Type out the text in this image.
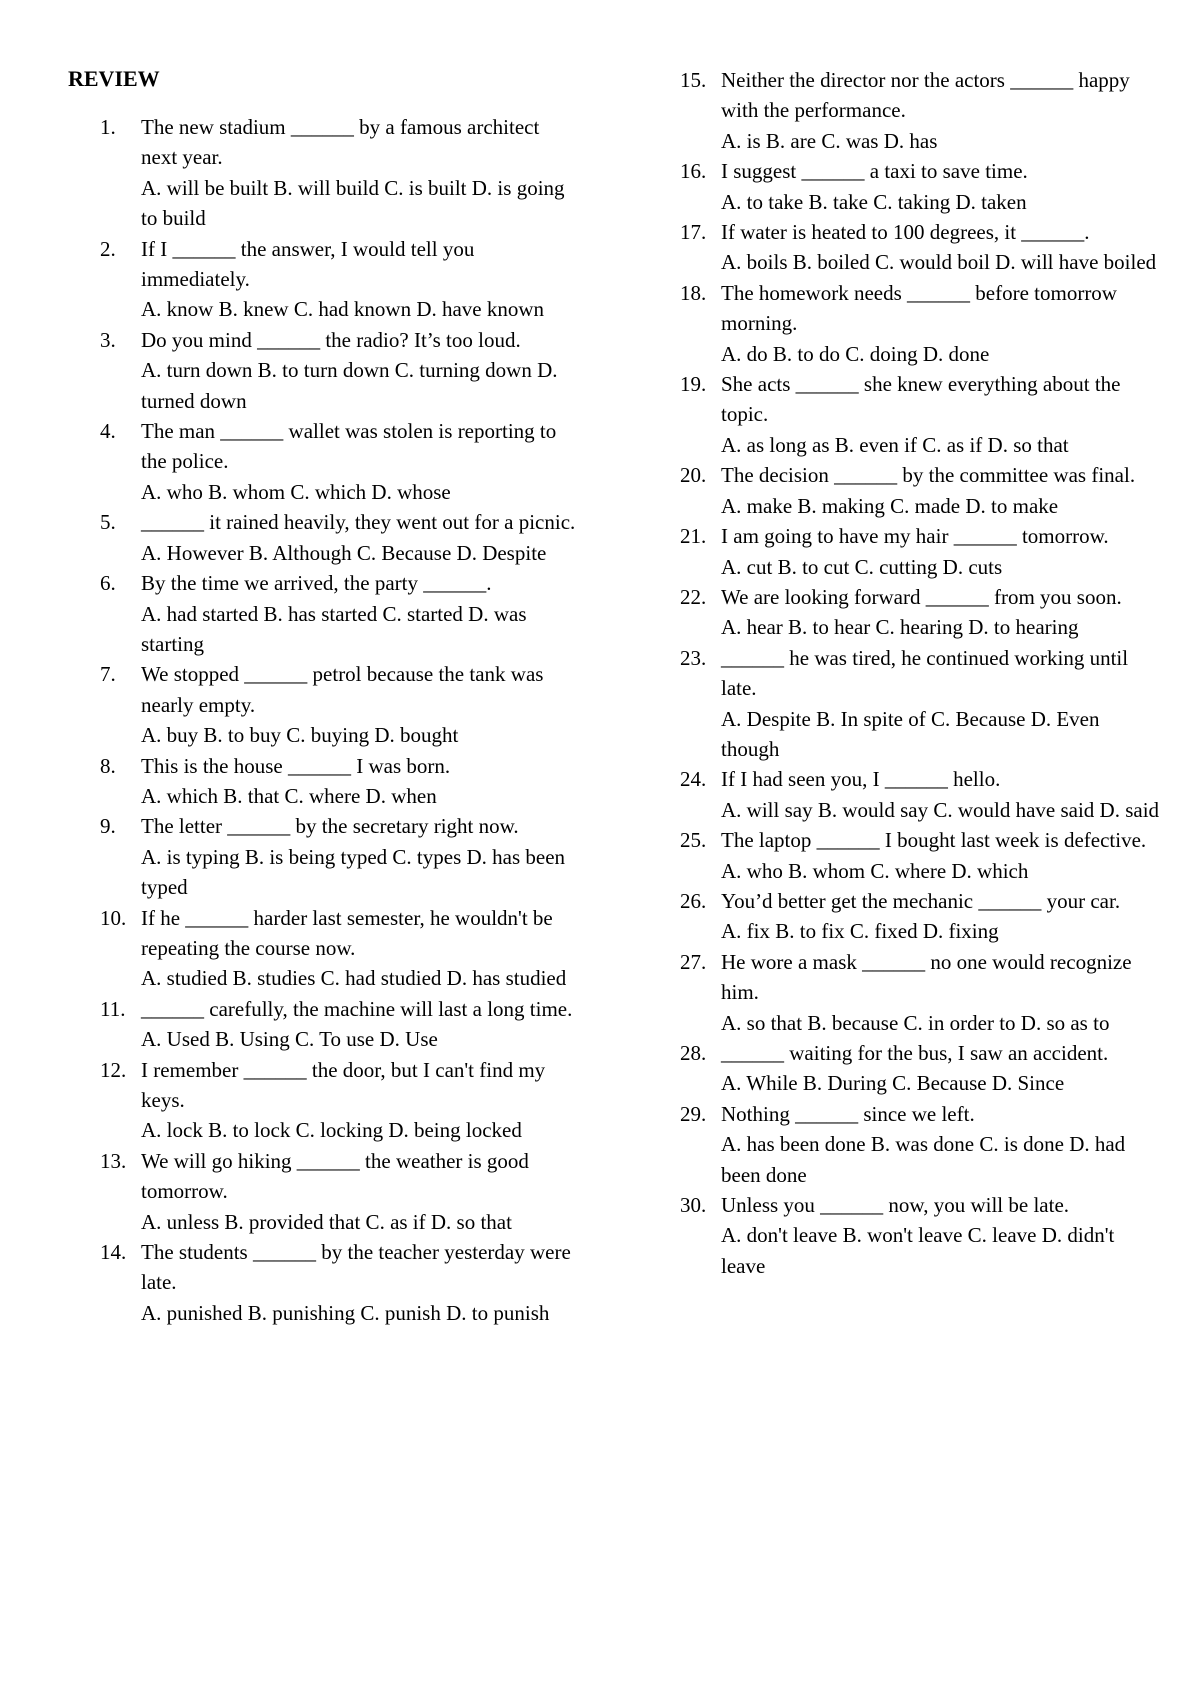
REVIEW
1. The new stadium ______ by a famous architect next year.
A. will be built B. will build C. is built D. is going to build
2. If I ______ the answer, I would tell you immediately.
A. know B. knew C. had known D. have known
3. Do you mind ______ the radio? It’s too loud.
A. turn down B. to turn down C. turning down D. turned down
4. The man ______ wallet was stolen is reporting to the police.
A. who B. whom C. which D. whose
5. ______ it rained heavily, they went out for a picnic.
A. However B. Although C. Because D. Despite
6. By the time we arrived, the party ______.
A. had started B. has started C. started D. was starting
7. We stopped ______ petrol because the tank was nearly empty.
A. buy B. to buy C. buying D. bought
8. This is the house ______ I was born.
A. which B. that C. where D. when
9. The letter ______ by the secretary right now.
A. is typing B. is being typed C. types D. has been typed
10. If he ______ harder last semester, he wouldn't be repeating the course now.
A. studied B. studies C. had studied D. has studied
11. ______ carefully, the machine will last a long time.
A. Used B. Using C. To use D. Use
12. I remember ______ the door, but I can't find my keys.
A. lock B. to lock C. locking D. being locked
13. We will go hiking ______ the weather is good tomorrow.
A. unless B. provided that C. as if D. so that
14. The students ______ by the teacher yesterday were late.
A. punished B. punishing C. punish D. to punish
15. Neither the director nor the actors ______ happy with the performance.
A. is B. are C. was D. has
16. I suggest ______ a taxi to save time.
A. to take B. take C. taking D. taken
17. If water is heated to 100 degrees, it ______.
A. boils B. boiled C. would boil D. will have boiled
18. The homework needs ______ before tomorrow morning.
A. do B. to do C. doing D. done
19. She acts ______ she knew everything about the topic.
A. as long as B. even if C. as if D. so that
20. The decision ______ by the committee was final.
A. make B. making C. made D. to make
21. I am going to have my hair ______ tomorrow.
A. cut B. to cut C. cutting D. cuts
22. We are looking forward ______ from you soon.
A. hear B. to hear C. hearing D. to hearing
23. ______ he was tired, he continued working until late.
A. Despite B. In spite of C. Because D. Even though
24. If I had seen you, I ______ hello.
A. will say B. would say C. would have said D. said
25. The laptop ______ I bought last week is defective.
A. who B. whom C. where D. which
26. You’d better get the mechanic ______ your car.
A. fix B. to fix C. fixed D. fixing
27. He wore a mask ______ no one would recognize him.
A. so that B. because C. in order to D. so as to
28. ______ waiting for the bus, I saw an accident.
A. While B. During C. Because D. Since
29. Nothing ______ since we left.
A. has been done B. was done C. is done D. had been done
30. Unless you ______ now, you will be late.
A. don't leave B. won't leave C. leave D. didn't leave
